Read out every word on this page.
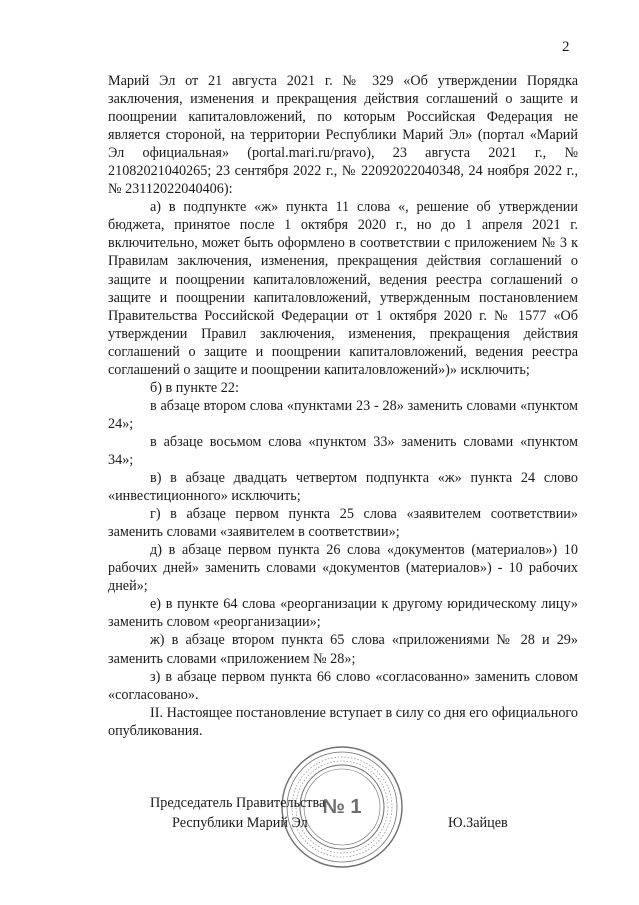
2

Марий Эл от 21 августа 2021 г. № 329 «Об утверждении Порядка заключения, изменения и прекращения действия соглашений о защите и поощрении капиталовложений, по которым Российская Федерация не является стороной, на территории Республики Марий Эл» (портал «Марий Эл официальная» (portal.mari.ru/pravo), 23 августа 2021 г., № 21082021040265; 23 сентября 2022 г., № 22092022040348, 24 ноября 2022 г., № 23112022040406):

а) в подпункте «ж» пункта 11 слова «, решение об утверждении бюджета, принятое после 1 октября 2020 г., но до 1 апреля 2021 г. включительно, может быть оформлено в соответствии с приложением № 3 к Правилам заключения, изменения, прекращения действия соглашений о защите и поощрении капиталовложений, ведения реестра соглашений о защите и поощрении капиталовложений, утвержденным постановлением Правительства Российской Федерации от 1 октября 2020 г. № 1577 «Об утверждении Правил заключения, изменения, прекращения действия соглашений о защите и поощрении капиталовложений, ведения реестра соглашений о защите и поощрении капиталовложений»)» исключить;

б) в пункте 22:

в абзаце втором слова «пунктами 23 - 28» заменить словами «пунктом 24»;

в абзаце восьмом слова «пунктом 33» заменить словами «пунктом 34»;

в) в абзаце двадцать четвертом подпункта «ж» пункта 24 слово «инвестиционного» исключить;

г) в абзаце первом пункта 25 слова «заявителем соответствии» заменить словами «заявителем в соответствии»;

д) в абзаце первом пункта 26 слова «документов (материалов») 10 рабочих дней» заменить словами «документов (материалов») - 10 рабочих дней»;

е) в пункте 64 слова «реорганизации к другому юридическому лицу» заменить словом «реорганизации»;

ж) в абзаце втором пункта 65 слова «приложениями № 28 и 29» заменить словами «приложением № 28»;

з) в абзаце первом пункта 66 слово «согласованно» заменить словом «согласовано».

II. Настоящее постановление вступает в силу со дня его официального опубликования.

№ 1
Председатель Правительства
Республики Марий Эл	Ю.Зайцев
